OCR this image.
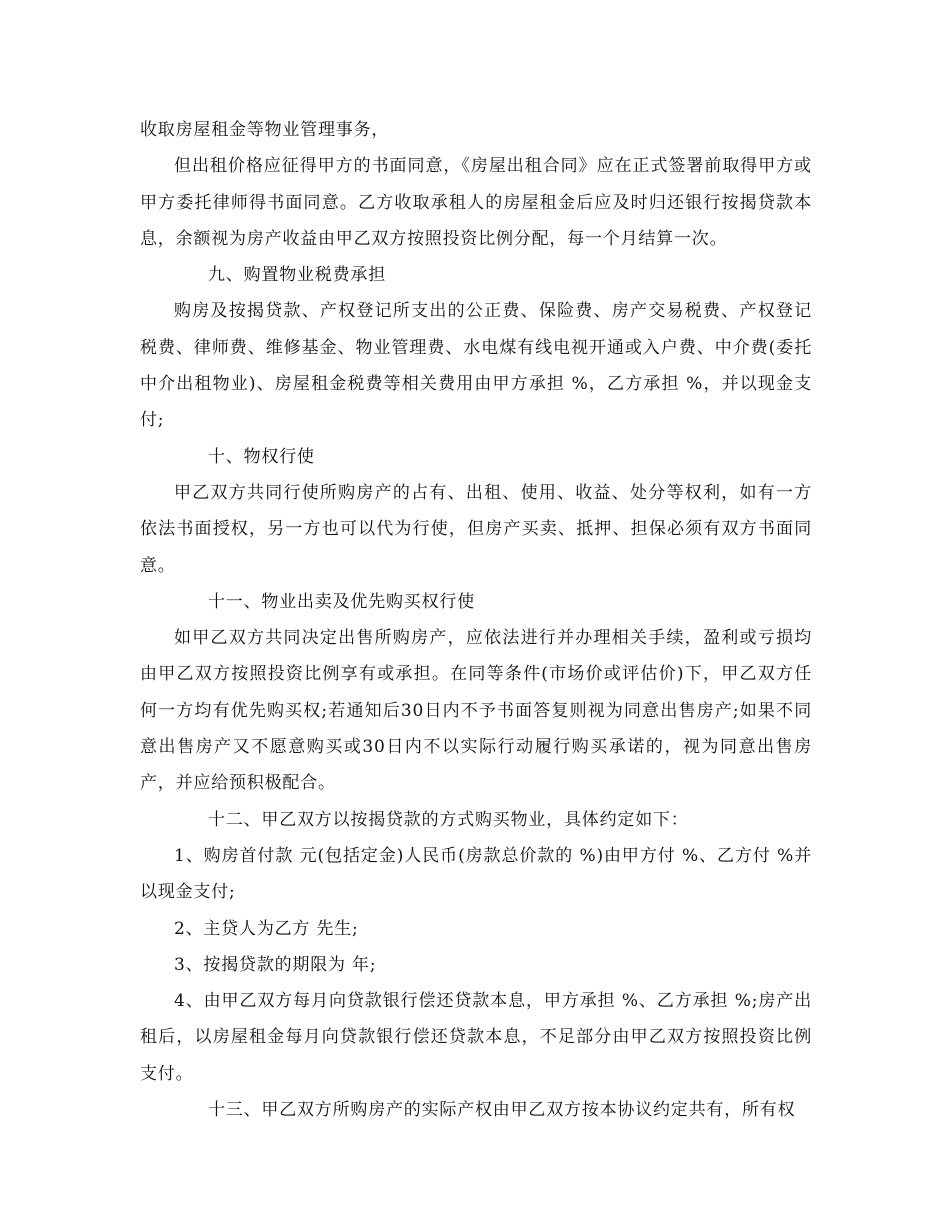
收取房屋租金等物业管理事务，

但出租价格应征得甲方的书面同意，《房屋出租合同》应在正式签署前取得甲方或甲方委托律师得书面同意。乙方收取承租人的房屋租金后应及时归还银行按揭贷款本息，余额视为房产收益由甲乙双方按照投资比例分配，每一个月结算一次。

九、购置物业税费承担

购房及按揭贷款、产权登记所支出的公正费、保险费、房产交易税费、产权登记税费、律师费、维修基金、物业管理费、水电煤有线电视开通或入户费、中介费(委托中介出租物业)、房屋租金税费等相关费用由甲方承担 %，乙方承担 %，并以现金支付;

十、物权行使

甲乙双方共同行使所购房产的占有、出租、使用、收益、处分等权利，如有一方依法书面授权，另一方也可以代为行使，但房产买卖、抵押、担保必须有双方书面同意。

十一、物业出卖及优先购买权行使

如甲乙双方共同决定出售所购房产，应依法进行并办理相关手续，盈利或亏损均由甲乙双方按照投资比例享有或承担。在同等条件(市场价或评估价)下，甲乙双方任何一方均有优先购买权;若通知后30日内不予书面答复则视为同意出售房产;如果不同意出售房产又不愿意购买或30日内不以实际行动履行购买承诺的，视为同意出售房产，并应给预积极配合。

十二、甲乙双方以按揭贷款的方式购买物业，具体约定如下：

1、购房首付款 元(包括定金)人民币(房款总价款的 %)由甲方付 %、乙方付 %并以现金支付;

2、主贷人为乙方 先生;

3、按揭贷款的期限为 年;

4、由甲乙双方每月向贷款银行偿还贷款本息，甲方承担 %、乙方承担 %;房产出租后，以房屋租金每月向贷款银行偿还贷款本息，不足部分由甲乙双方按照投资比例支付。

十三、甲乙双方所购房产的实际产权由甲乙双方按本协议约定共有，所有权
